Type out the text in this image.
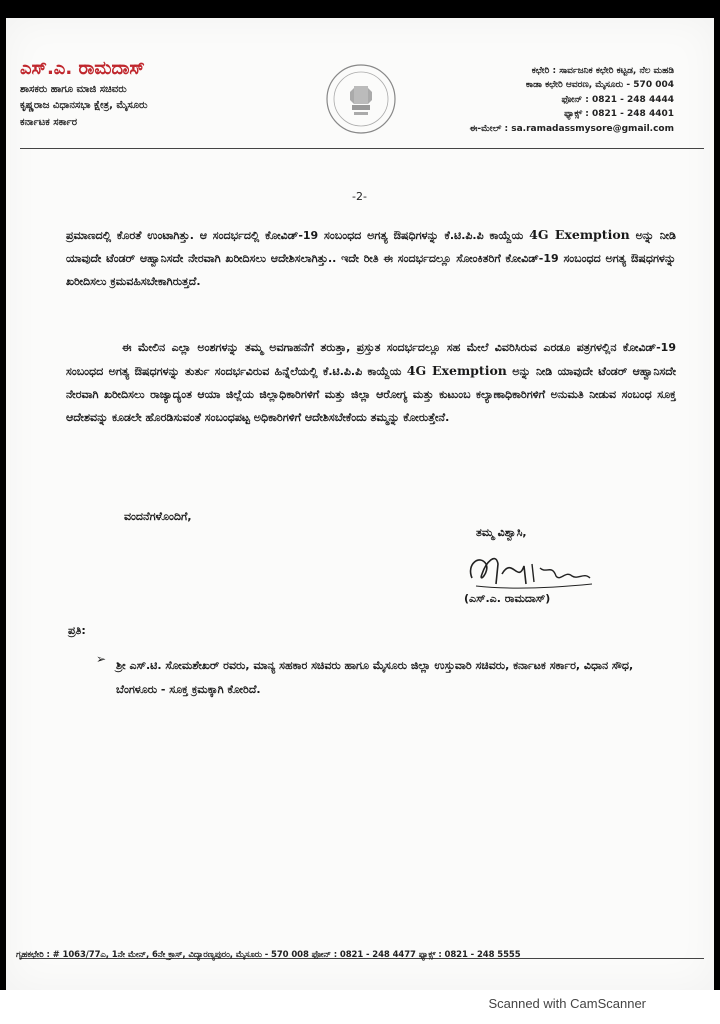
ಎಸ್.ಎ. ರಾಮದಾಸ್
ಶಾಸಕರು ಹಾಗೂ ಮಾಜಿ ಸಚಿವರು
ಕೃಷ್ಣರಾಜ ವಿಧಾನಸಭಾ ಕ್ಷೇತ್ರ, ಮೈಸೂರು
ಕರ್ನಾಟಕ ಸರ್ಕಾರ
ಕಛೇರಿ : ಸಾರ್ವಜನಿಕ ಕಛೇರಿ ಕಟ್ಟಡ, ನೆಲ ಮಹಡಿ
ಕಾಡಾ ಕಛೇರಿ ಆವರಣ, ಮೈಸೂರು - 570 004
ಫೋನ್ : 0821 - 248 4444
ಫ್ಯಾಕ್ಸ್ : 0821 - 248 4401
ಈ-ಮೇಲ್ : sa.ramadassmysore@gmail.com
-2-
ಪ್ರಮಾಣದಲ್ಲಿ ಕೊರತೆ ಉಂಟಾಗಿತ್ತು. ಆ ಸಂದರ್ಭದಲ್ಲಿ ಕೋವಿಡ್-19 ಸಂಬಂಧದ ಅಗತ್ಯ ಔಷಧಿಗಳನ್ನು ಕೆ.ಟಿ.ಪಿ.ಪಿ ಕಾಯ್ದೆಯ 4G Exemption ಅನ್ನು ನೀಡಿ ಯಾವುದೇ ಟೆಂಡರ್ ಆಹ್ವಾನಿಸದೇ ನೇರವಾಗಿ ಖರೀದಿಸಲು ಆದೇಶಿಸಲಾಗಿತ್ತು.. ಇದೇ ರೀತಿ ಈ ಸಂದರ್ಭದಲ್ಲೂ ಸೋಂಕಿತರಿಗೆ ಕೋವಿಡ್-19 ಸಂಬಂಧದ ಅಗತ್ಯ ಔಷಧಗಳನ್ನು ಖರೀದಿಸಲು ಕ್ರಮವಹಿಸಬೇಕಾಗಿರುತ್ತದೆ.
ಈ ಮೇಲಿನ ಎಲ್ಲಾ ಅಂಶಗಳನ್ನು ತಮ್ಮ ಅವಗಾಹನೆಗೆ ತರುತ್ತಾ, ಪ್ರಸ್ತುತ ಸಂದರ್ಭದಲ್ಲೂ ಸಹ ಮೇಲೆ ವಿವರಿಸಿರುವ ಎರಡೂ ಪತ್ರಗಳಲ್ಲಿನ ಕೋವಿಡ್-19 ಸಂಬಂಧದ ಅಗತ್ಯ ಔಷಧಗಳನ್ನು ತುರ್ತು ಸಂದರ್ಭವಿರುವ ಹಿನ್ನೆಲೆಯಲ್ಲಿ ಕೆ.ಟಿ.ಪಿ.ಪಿ ಕಾಯ್ದೆಯ 4G Exemption ಅನ್ನು ನೀಡಿ ಯಾವುದೇ ಟೆಂಡರ್ ಆಹ್ವಾನಿಸದೇ ನೇರವಾಗಿ ಖರೀದಿಸಲು ರಾಜ್ಯಾದ್ಯಂತ ಆಯಾ ಜಿಲ್ಲೆಯ ಜಿಲ್ಲಾಧಿಕಾರಿಗಳಿಗೆ ಮತ್ತು ಜಿಲ್ಲಾ ಆರೋಗ್ಯ ಮತ್ತು ಕುಟುಂಬ ಕಲ್ಯಾಣಾಧಿಕಾರಿಗಳಿಗೆ ಅನುಮತಿ ನೀಡುವ ಸಂಬಂಧ ಸೂಕ್ತ ಆದೇಶವನ್ನು ಕೂಡಲೇ ಹೊರಡಿಸುವಂತೆ ಸಂಬಂಧಪಟ್ಟ ಅಧಿಕಾರಿಗಳಿಗೆ ಆದೇಶಿಸಬೇಕೆಂದು ತಮ್ಮನ್ನು ಕೋರುತ್ತೇನೆ.
ವಂದನೆಗಳೊಂದಿಗೆ,
ತಮ್ಮ ವಿಶ್ವಾಸಿ,
(ಎಸ್.ಎ. ರಾಮದಾಸ್)
ಪ್ರತಿ:
➢ ಶ್ರೀ ಎಸ್.ಟಿ. ಸೋಮಶೇಖರ್ ರವರು, ಮಾನ್ಯ ಸಹಕಾರ ಸಚಿವರು ಹಾಗೂ ಮೈಸೂರು ಜಿಲ್ಲಾ ಉಸ್ತುವಾರಿ ಸಚಿವರು, ಕರ್ನಾಟಕ ಸರ್ಕಾರ, ವಿಧಾನ ಸೌಧ, ಬೆಂಗಳೂರು - ಸೂಕ್ತ ಕ್ರಮಕ್ಕಾಗಿ ಕೋರಿದೆ.
ಗೃಹಕಛೇರಿ : # 1063/77ಎ, 1ನೇ ಮೇನ್, 6ನೇ ಕ್ರಾಸ್, ವಿದ್ಯಾರಣ್ಯಪುರಂ, ಮೈಸೂರು - 570 008 ಫೋನ್ : 0821 - 248 4477 ಫ್ಯಾಕ್ಸ್ : 0821 - 248 5555
Scanned with CamScanner
